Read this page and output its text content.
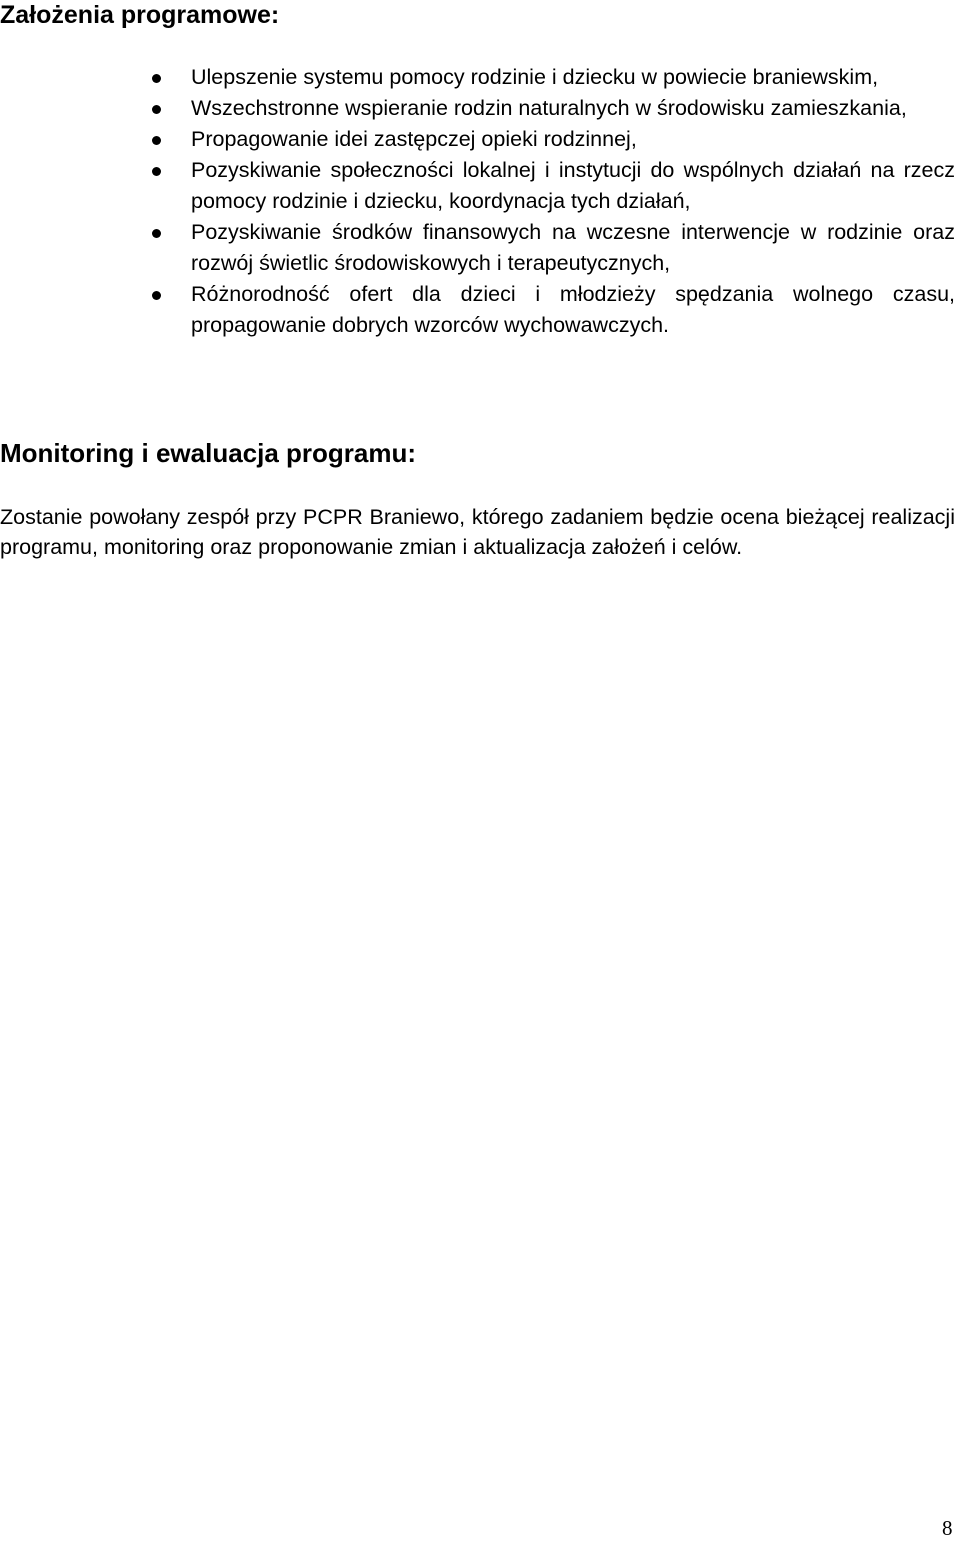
Założenia programowe:
Ulepszenie systemu pomocy rodzinie i dziecku w powiecie braniewskim,
Wszechstronne wspieranie rodzin naturalnych w środowisku zamieszkania,
Propagowanie idei zastępczej opieki rodzinnej,
Pozyskiwanie społeczności lokalnej i instytucji do wspólnych działań na rzecz pomocy rodzinie i dziecku, koordynacja tych działań,
Pozyskiwanie środków finansowych na wczesne interwencje w rodzinie oraz rozwój świetlic środowiskowych i terapeutycznych,
Różnorodność ofert dla dzieci i młodzieży spędzania wolnego czasu, propagowanie dobrych wzorców wychowawczych.
Monitoring i ewaluacja programu:

Zostanie powołany zespół przy PCPR Braniewo, którego zadaniem będzie ocena bieżącej realizacji programu, monitoring oraz proponowanie zmian i aktualizacja założeń i celów.

8
